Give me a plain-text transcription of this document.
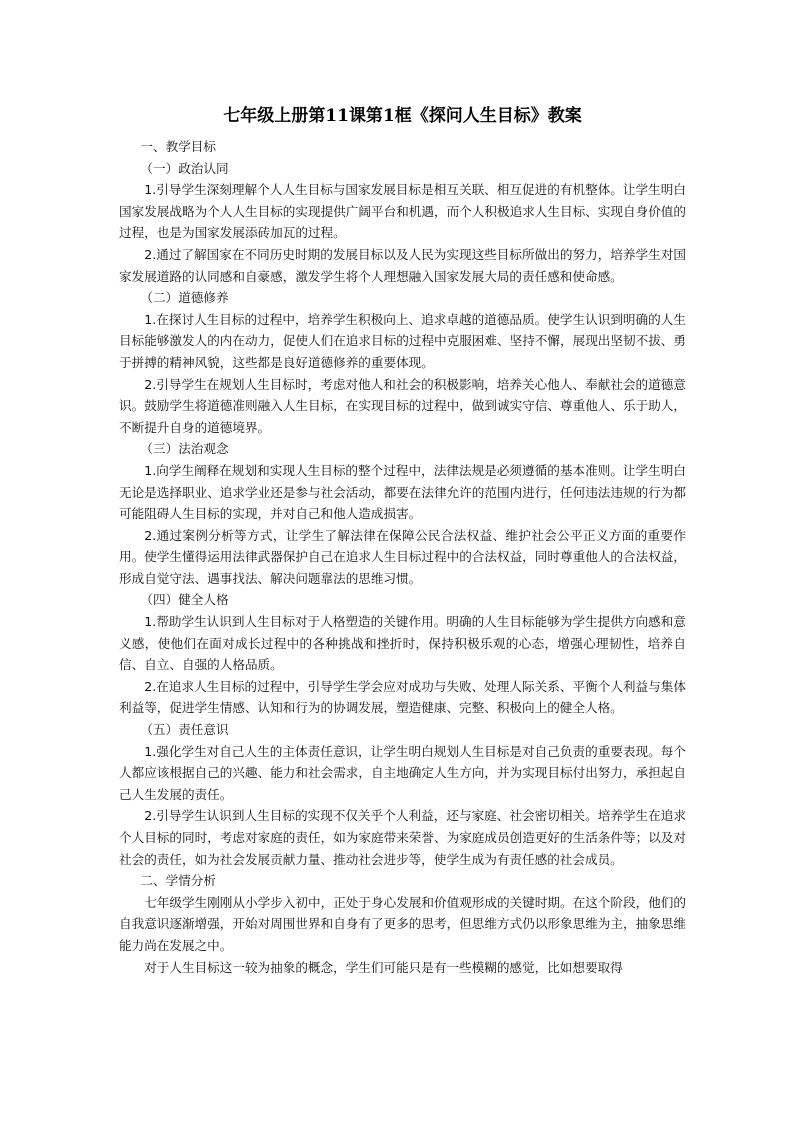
七年级上册第11课第1框《探问人生目标》教案

一、教学目标

（一）政治认同

1.引导学生深刻理解个人人生目标与国家发展目标是相互关联、相互促进的有机整体。让学生明白国家发展战略为个人人生目标的实现提供广阔平台和机遇，而个人积极追求人生目标、实现自身价值的过程，也是为国家发展添砖加瓦的过程。

2.通过了解国家在不同历史时期的发展目标以及人民为实现这些目标所做出的努力，培养学生对国家发展道路的认同感和自豪感，激发学生将个人理想融入国家发展大局的责任感和使命感。

（二）道德修养

1.在探讨人生目标的过程中，培养学生积极向上、追求卓越的道德品质。使学生认识到明确的人生目标能够激发人的内在动力，促使人们在追求目标的过程中克服困难、坚持不懈，展现出坚韧不拔、勇于拼搏的精神风貌，这些都是良好道德修养的重要体现。

2.引导学生在规划人生目标时，考虑对他人和社会的积极影响，培养关心他人、奉献社会的道德意识。鼓励学生将道德准则融入人生目标，在实现目标的过程中，做到诚实守信、尊重他人、乐于助人，不断提升自身的道德境界。

（三）法治观念

1.向学生阐释在规划和实现人生目标的整个过程中，法律法规是必须遵循的基本准则。让学生明白无论是选择职业、追求学业还是参与社会活动，都要在法律允许的范围内进行，任何违法违规的行为都可能阻碍人生目标的实现，并对自己和他人造成损害。

2.通过案例分析等方式，让学生了解法律在保障公民合法权益、维护社会公平正义方面的重要作用。使学生懂得运用法律武器保护自己在追求人生目标过程中的合法权益，同时尊重他人的合法权益，形成自觉守法、遇事找法、解决问题靠法的思维习惯。

（四）健全人格

1.帮助学生认识到人生目标对于人格塑造的关键作用。明确的人生目标能够为学生提供方向感和意义感，使他们在面对成长过程中的各种挑战和挫折时，保持积极乐观的心态，增强心理韧性，培养自信、自立、自强的人格品质。

2.在追求人生目标的过程中，引导学生学会应对成功与失败、处理人际关系、平衡个人利益与集体利益等，促进学生情感、认知和行为的协调发展，塑造健康、完整、积极向上的健全人格。

（五）责任意识

1.强化学生对自己人生的主体责任意识，让学生明白规划人生目标是对自己负责的重要表现。每个人都应该根据自己的兴趣、能力和社会需求，自主地确定人生方向，并为实现目标付出努力，承担起自己人生发展的责任。

2.引导学生认识到人生目标的实现不仅关乎个人利益，还与家庭、社会密切相关。培养学生在追求个人目标的同时，考虑对家庭的责任，如为家庭带来荣誉、为家庭成员创造更好的生活条件等；以及对社会的责任，如为社会发展贡献力量、推动社会进步等，使学生成为有责任感的社会成员。

二、学情分析

七年级学生刚刚从小学步入初中，正处于身心发展和价值观形成的关键时期。在这个阶段，他们的自我意识逐渐增强，开始对周围世界和自身有了更多的思考，但思维方式仍以形象思维为主，抽象思维能力尚在发展之中。

对于人生目标这一较为抽象的概念，学生们可能只是有一些模糊的感觉，比如想要取得
